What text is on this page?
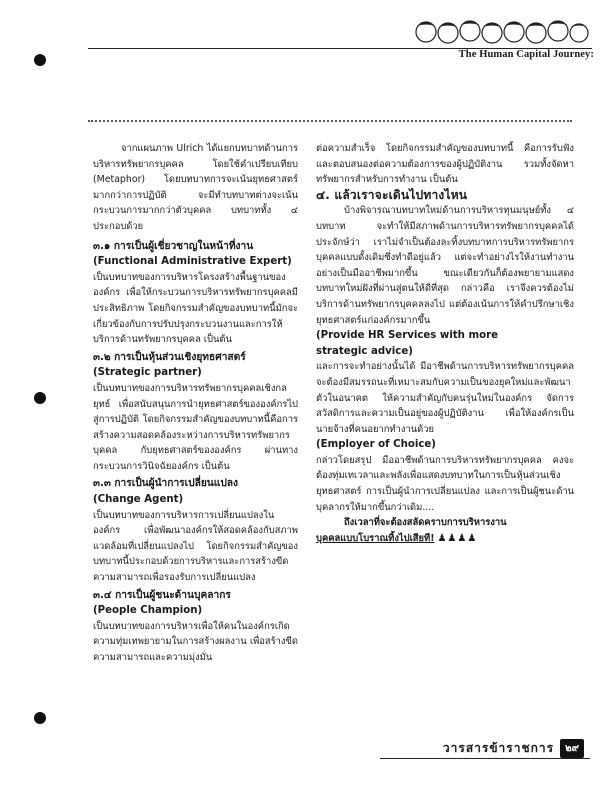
The Human Capital Journey:

จากแผนภาพ Ulrich ได้แยกบทบาทด้านการบริหารทรัพยากรบุคคล โดยใช้คำเปรียบเทียบ (Metaphor) โดยบทบาทการจะเน้นยุทธศาสตร์มากกว่าการปฏิบัติ จะมีทำบทบาทต่างจะเน้นกระบวนการมากกว่าตัวบุคคล บทบาททั้ง ๔ ประกอบด้วย

๓.๑ การเป็นผู้เชี่ยวชาญในหน้าที่งาน

(Functional Administrative Expert)

เป็นบทบาทของการบริหารโครงสร้างพื้นฐานขององค์กร เพื่อให้กระบวนการบริหารทรัพยากรบุคคลมีประสิทธิภาพ โดยกิจกรรมสำคัญของบทบาทนี้มักจะเกี่ยวข้องกับการปรับปรุงกระบวนงานและการให้บริการด้านทรัพยากรบุคคล เป็นต้น

๓.๒ การเป็นหุ้นส่วนเชิงยุทธศาสตร์

(Strategic partner)

เป็นบทบาทของการบริหารทรัพยากรบุคคลเชิงกลยุทธ์ เพื่อสนับสนุนการนำยุทธศาสตร์ขององค์กรไปสู่การปฏิบัติ โดยกิจกรรมสำคัญของบทบาทนี้คือการสร้างความสอดคล้องระหว่างการบริหารทรัพยากรบุคคล กับยุทธศาสตร์ขององค์กร ผ่านทางกระบวนการวินิจฉัยองค์กร เป็นต้น

๓.๓ การเป็นผู้นำการเปลี่ยนแปลง

(Change Agent)

เป็นบทบาทของการบริหารการเปลี่ยนแปลงในองค์กร เพื่อพัฒนาองค์กรให้สอดคล้องกับสภาพแวดล้อมที่เปลี่ยนแปลงไป โดยกิจกรรมสำคัญของบทบาทนี้ประกอบด้วยการบริหารและการสร้างขีดความสามารถเพื่อรองรับการเปลี่ยนแปลง

๓.๔ การเป็นผู้ชนะด้านบุคลากร

(People Champion)

เป็นบทบาทของการบริหารเพื่อให้คนในองค์กรเกิดความทุ่มเทพยายามในการสร้างผลงาน เพื่อสร้างขีดความสามารถและความมุ่งมั่น

ต่อความสำเร็จ โดยกิจกรรมสำคัญของบทบาทนี้ คือการรับฟังและตอบสนองต่อความต้องการของผู้ปฏิบัติงาน รวมทั้งจัดหาทรัพยากรสำหรับการทำงาน เป็นต้น

๔. แล้วเราจะเดินไปทางไหน

บ้างพิจารณาบทบาทใหม่ด้านการบริหารทุนมนุษย์ทั้ง ๔ บทบาท จะทำให้มีสภาพด้านการบริหารทรัพยากรบุคคลได้ประจักษ์ว่า เราไม่จำเป็นต้องละทิ้งบทบาทการบริหารทรัพยากรบุคคลแบบดั้งเดิมซึ่งทำดีอยู่แล้ว แต่จะทำอย่างไรให้งานทำงานอย่างเป็นมืออาชีพมากขึ้น ขณะเดียวกันก็ต้องพยายามแสดงบทบาทใหม่ฝังที่ผ่านสู่ตนให้ดีที่สุด กล่าวคือ เราจึงควรต้องไม่บริการด้านทรัพยากรบุคคลลงไป แต่ต้องเน้นการให้คำปรึกษาเชิงยุทธศาสตร์แก่องค์กรมากขึ้น

(Provide HR Services with more

strategic advice)

และการจะทำอย่างนั้นได้ มีอาชีพด้านการบริหารทรัพยากรบุคคลจะต้องมีสมรรถนะที่เหมาะสมกับความเป็นของยุคใหม่และพัฒนาตัวในอนาคต ให้ความสำคัญกับคนรุ่นใหม่ในองค์กร จัดการสวัสดิการและความเป็นอยู่ของผู้ปฏิบัติงาน เพื่อให้องค์กรเป็นนายจ้างที่คนอยากทำงานด้วย

(Employer of Choice)

กล่าวโดยสรุป มืออาชีพด้านการบริหารทรัพยากรบุคคล คงจะต้องทุ่มเทเวลาและพลังเพื่อแสดงบทบาทในการเป็นหุ้นส่วนเชิงยุทธศาสตร์ การเป็นผู้นำการเปลี่ยนแปลง และการเป็นผู้ชนะด้านบุคลากรให้มากขึ้นกว่าเดิม....

ถึงเวลาที่จะต้องสลัดคราบการบริหารงาน

บุคคลแบบโบราณทิ้งไปเสียที! ♟♟♟♟

วารสารข้าราชการ	๒๙
